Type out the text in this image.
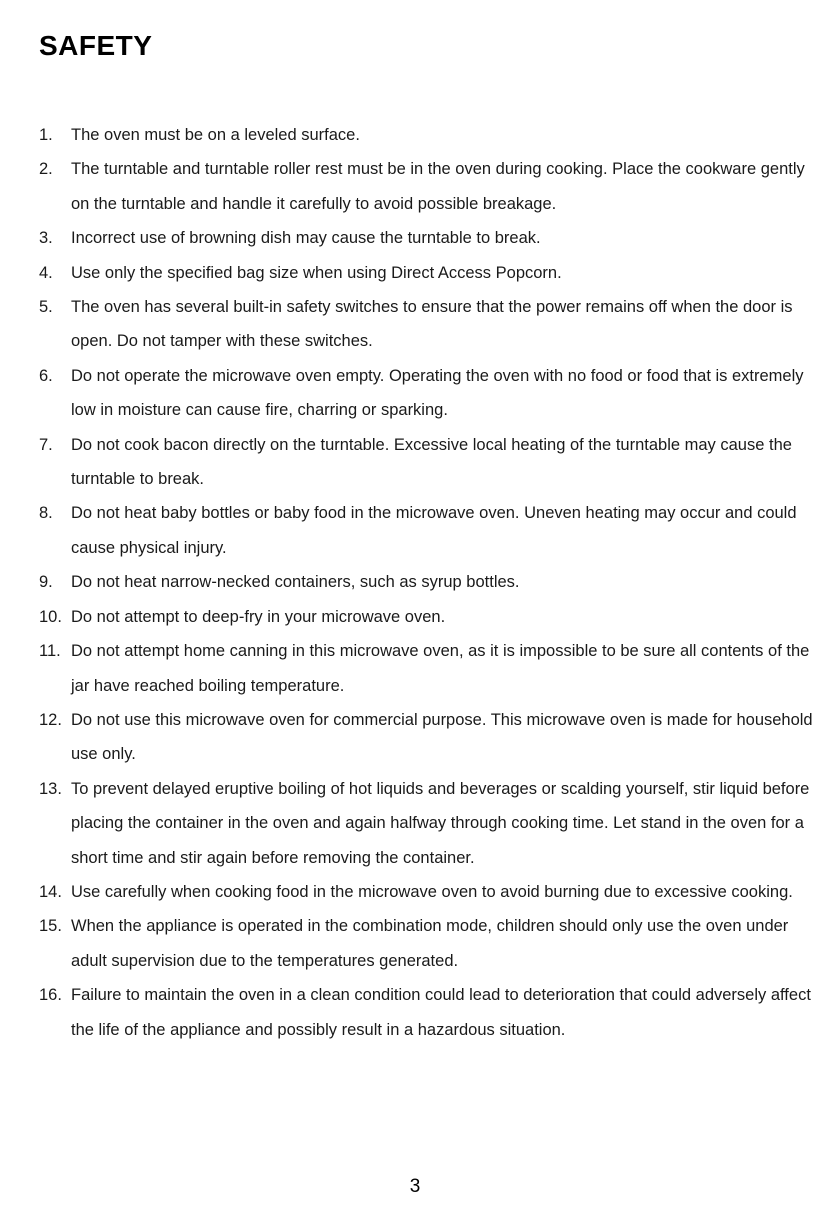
SAFETY
1.	The oven must be on a leveled surface.
2.	The turntable and turntable roller rest must be in the oven during cooking. Place the cookware gently on the turntable and handle it carefully to avoid possible breakage.
3.	Incorrect use of browning dish may cause the turntable to break.
4.	Use only the specified bag size when using Direct Access Popcorn.
5.	The oven has several built-in safety switches to ensure that the power remains off when the door is open. Do not tamper with these switches.
6.	Do not operate the microwave oven empty. Operating the oven with no food or food that is extremely low in moisture can cause fire, charring or sparking.
7.	Do not cook bacon directly on the turntable. Excessive local heating of the turntable may cause the turntable to break.
8.	Do not heat baby bottles or baby food in the microwave oven. Uneven heating may occur and could cause physical injury.
9.	Do not heat narrow-necked containers, such as syrup bottles.
10. Do not attempt to deep-fry in your microwave oven.
11. Do not attempt home canning in this microwave oven, as it is impossible to be sure all contents of the jar have reached boiling temperature.
12. Do not use this microwave oven for commercial purpose. This microwave oven is made for household use only.
13. To prevent delayed eruptive boiling of hot liquids and beverages or scalding yourself, stir liquid before placing the container in the oven and again halfway through cooking time. Let stand in the oven for a short time and stir again before removing the container.
14. Use carefully when cooking food in the microwave oven to avoid burning due to excessive cooking.
15. When the appliance is operated in the combination mode, children should only use the oven under adult supervision due to the temperatures generated.
16. Failure to maintain the oven in a clean condition could lead to deterioration that could adversely affect the life of the appliance and possibly result in a hazardous situation.
3
